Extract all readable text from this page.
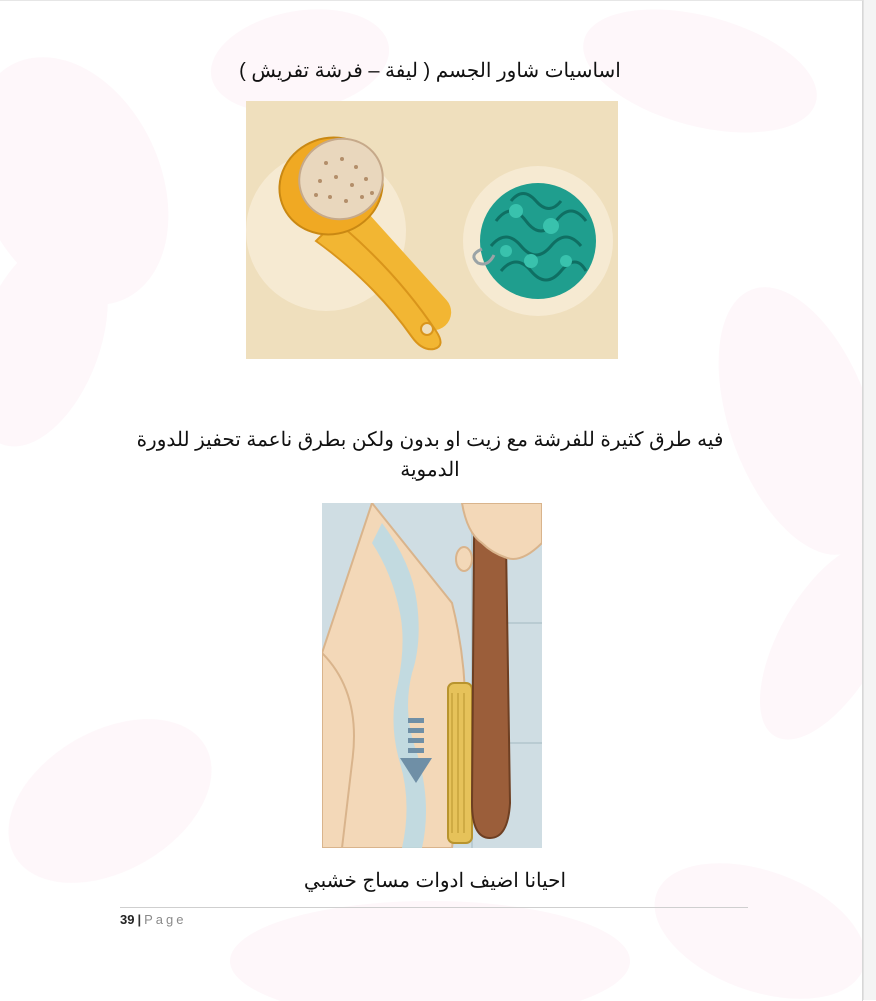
اساسيات شاور الجسم ( ليفة – فرشة تفريش )
فيه طرق كثيرة للفرشة مع زيت او بدون ولكن بطرق ناعمة تحفيز للدورة
الدموية
احيانا اضيف ادوات مساج خشبي
39 | Page
